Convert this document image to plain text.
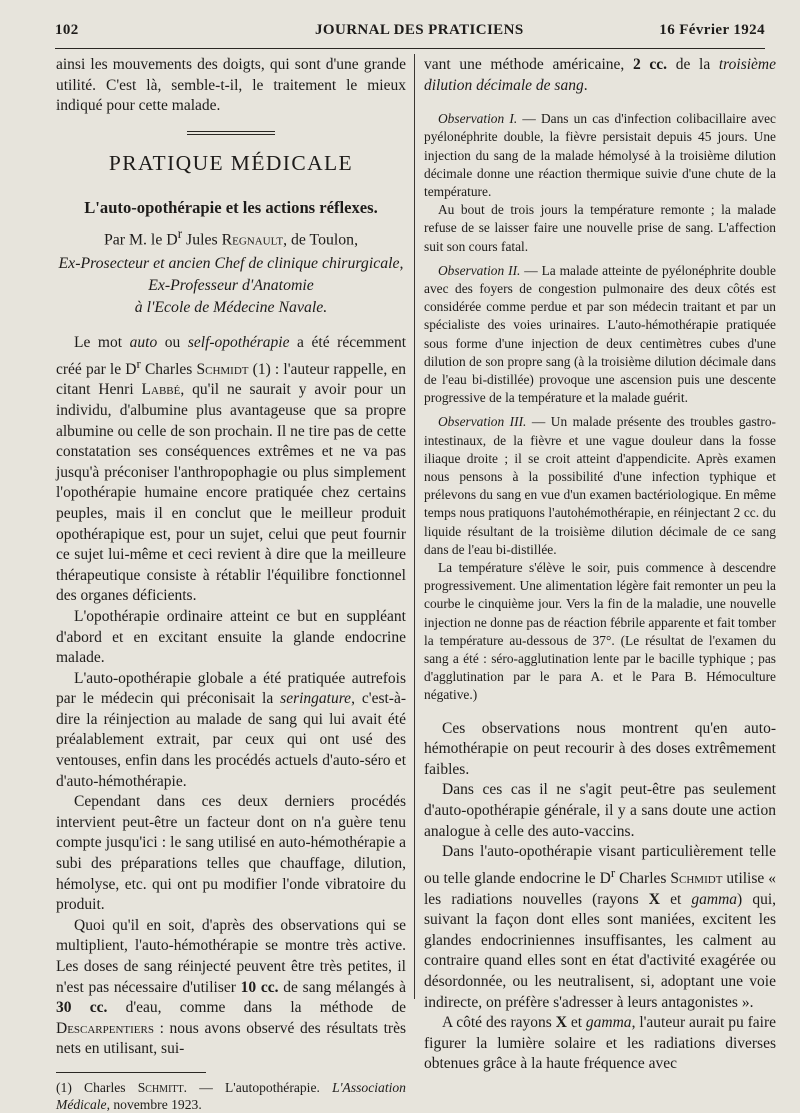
102	JOURNAL DES PRATICIENS	16 Février 1924

ainsi les mouvements des doigts, qui sont d'une grande utilité. C'est là, semble-t-il, le traitement le mieux indiqué pour cette malade.

PRATIQUE MÉDICALE
L'auto-opothérapie et les actions réflexes.
Par M. le $D^r$ Jules Regnault, de Toulon,
Ex-Prosecteur et ancien Chef de clinique chirurgicale,
Ex-Professeur d'Anatomie
à l'Ecole de Médecine Navale.

Le mot auto ou self-opothérapie a été récemment créé par le $D^r$ Charles Schmidt (1) : l'auteur rappelle, en citant Henri Labbé, qu'il ne saurait y avoir pour un individu, d'albumine plus avantageuse que sa propre albumine ou celle de son prochain. Il ne tire pas de cette constatation ses conséquences extrêmes et ne va pas jusqu'à préconiser l'anthropophagie ou plus simplement l'opothérapie humaine encore pratiquée chez certains peuples, mais il en conclut que le meilleur produit opothérapique est, pour un sujet, celui que peut fournir ce sujet lui-même et ceci revient à dire que la meilleure thérapeutique consiste à rétablir l'équilibre fonctionnel des organes déficients.

L'opothérapie ordinaire atteint ce but en suppléant d'abord et en excitant ensuite la glande endocrine malade.

L'auto-opothérapie globale a été pratiquée autrefois par le médecin qui préconisait la seringature, c'est-à-dire la réinjection au malade de sang qui lui avait été préalablement extrait, par ceux qui ont usé des ventouses, enfin dans les procédés actuels d'auto-séro et d'auto-hémothérapie.

Cependant dans ces deux derniers procédés intervient peut-être un facteur dont on n'a guère tenu compte jusqu'ici : le sang utilisé en auto-hémothérapie a subi des préparations telles que chauffage, dilution, hémolyse, etc. qui ont pu modifier l'onde vibratoire du produit.

Quoi qu'il en soit, d'après des observations qui se multiplient, l'auto-hémothérapie se montre très active. Les doses de sang réinjecté peuvent être très petites, il n'est pas nécessaire d'utiliser 10 cc. de sang mélangés à 30 cc. d'eau, comme dans la méthode de Descarpentiers : nous avons observé des résultats très nets en utilisant, sui-

(1) Charles Schmitt. — L'autopothérapie. L'Association Médicale, novembre 1923.

vant une méthode américaine, 2 cc. de la troisième dilution décimale de sang.

Observation I. — Dans un cas d'infection colibacillaire avec pyélonéphrite double, la fièvre persistait depuis 45 jours. Une injection du sang de la malade hémolysé à la troisième dilution décimale donne une réaction thermique suivie d'une chute de la température.

Au bout de trois jours la température remonte ; la malade refuse de se laisser faire une nouvelle prise de sang. L'affection suit son cours fatal.

Observation II. — La malade atteinte de pyélonéphrite double avec des foyers de congestion pulmonaire des deux côtés est considérée comme perdue et par son médecin traitant et par un spécialiste des voies urinaires. L'auto-hémothérapie pratiquée sous forme d'une injection de deux centimètres cubes d'une dilution de son propre sang (à la troisième dilution décimale dans de l'eau bi-distillée) provoque une ascension puis une descente progressive de la température et la malade guérit.

Observation III. — Un malade présente des troubles gastro-intestinaux, de la fièvre et une vague douleur dans la fosse iliaque droite ; il se croit atteint d'appendicite. Après examen nous pensons à la possibilité d'une infection typhique et prélevons du sang en vue d'un examen bactériologique. En même temps nous pratiquons l'autohémothérapie, en réinjectant 2 cc. du liquide résultant de la troisième dilution décimale de ce sang dans de l'eau bi-distillée.

La température s'élève le soir, puis commence à descendre progressivement. Une alimentation légère fait remonter un peu la courbe le cinquième jour. Vers la fin de la maladie, une nouvelle injection ne donne pas de réaction fébrile apparente et fait tomber la température au-dessous de 37°. (Le résultat de l'examen du sang a été : séro-agglutination lente par le bacille typhique ; pas d'agglutination par le para A. et le Para B. Hémoculture négative.)

Ces observations nous montrent qu'en auto-hémothérapie on peut recourir à des doses extrêmement faibles.

Dans ces cas il ne s'agit peut-être pas seulement d'auto-opothérapie générale, il y a sans doute une action analogue à celle des auto-vaccins.

Dans l'auto-opothérapie visant particulièrement telle ou telle glande endocrine le $D^r$ Charles Schmidt utilise « les radiations nouvelles (rayons X et gamma) qui, suivant la façon dont elles sont maniées, excitent les glandes endocriniennes insuffisantes, les calment au contraire quand elles sont en état d'activité exagérée ou désordonnée, ou les neutralisent, si, adoptant une voie indirecte, on préfère s'adresser à leurs antagonistes ».

A côté des rayons X et gamma, l'auteur aurait pu faire figurer la lumière solaire et les radiations diverses obtenues grâce à la haute fréquence avec
